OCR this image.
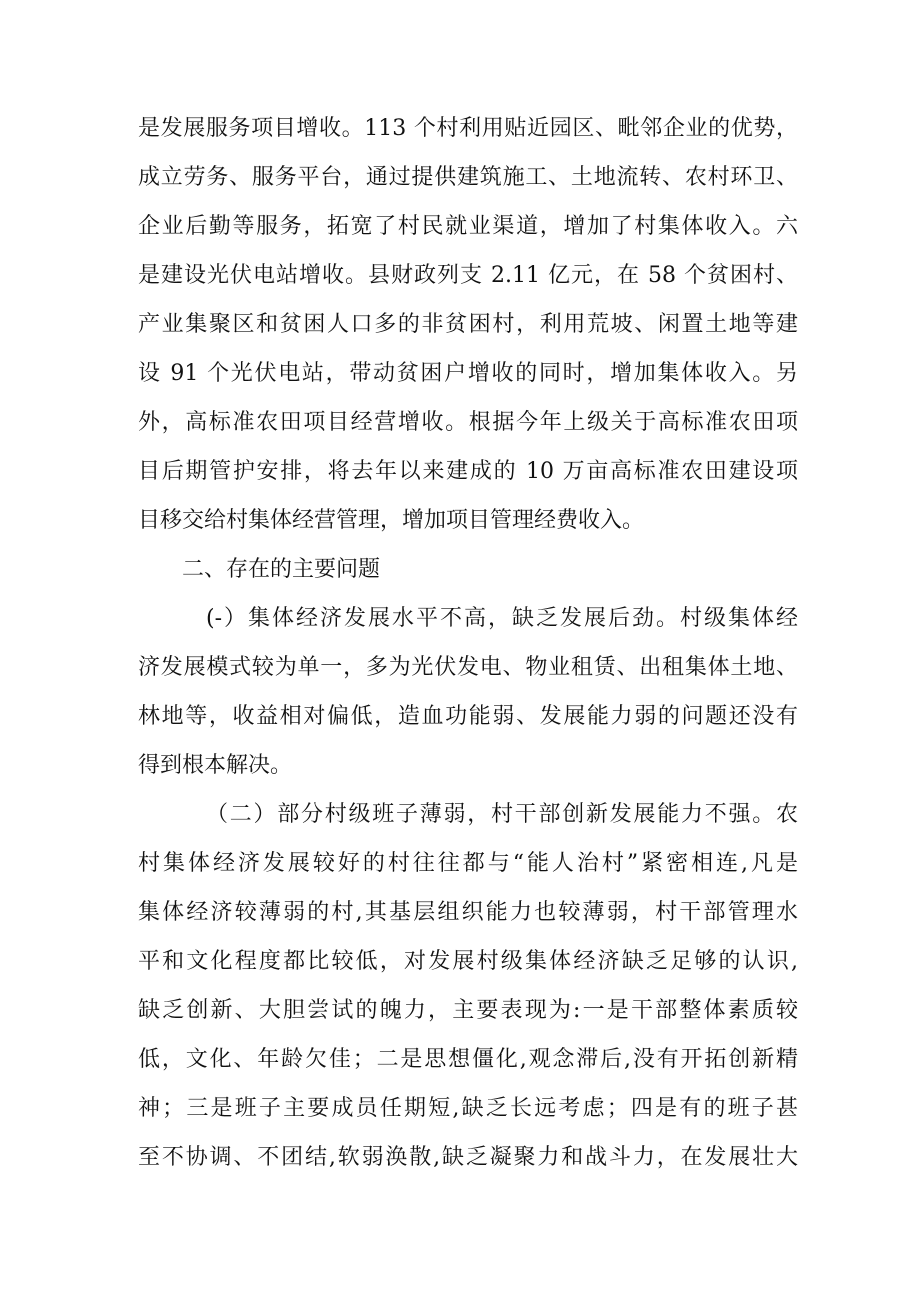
是发展服务项目增收。113 个村利用贴近园区、毗邻企业的优势，
成立劳务、服务平台，通过提供建筑施工、土地流转、农村环卫、
企业后勤等服务，拓宽了村民就业渠道，增加了村集体收入。六
是建设光伏电站增收。县财政列支 2.11 亿元，在 58 个贫困村、
产业集聚区和贫困人口多的非贫困村，利用荒坡、闲置土地等建
设 91 个光伏电站，带动贫困户增收的同时，增加集体收入。另
外，高标准农田项目经营增收。根据今年上级关于高标准农田项
目后期管护安排，将去年以来建成的 10 万亩高标准农田建设项
目移交给村集体经营管理，增加项目管理经费收入。
二、存在的主要问题
(-）集体经济发展水平不高，缺乏发展后劲。村级集体经
济发展模式较为单一，多为光伏发电、物业租赁、出租集体土地、
林地等，收益相对偏低，造血功能弱、发展能力弱的问题还没有
得到根本解决。
（二）部分村级班子薄弱，村干部创新发展能力不强。农
村集体经济发展较好的村往往都与“能人治村”紧密相连,凡是
集体经济较薄弱的村,其基层组织能力也较薄弱，村干部管理水
平和文化程度都比较低，对发展村级集体经济缺乏足够的认识,
缺乏创新、大胆尝试的魄力，主要表现为:一是干部整体素质较
低，文化、年龄欠佳；二是思想僵化,观念滞后,没有开拓创新精
神；三是班子主要成员任期短,缺乏长远考虑；四是有的班子甚
至不协调、不团结,软弱涣散,缺乏凝聚力和战斗力，在发展壮大
